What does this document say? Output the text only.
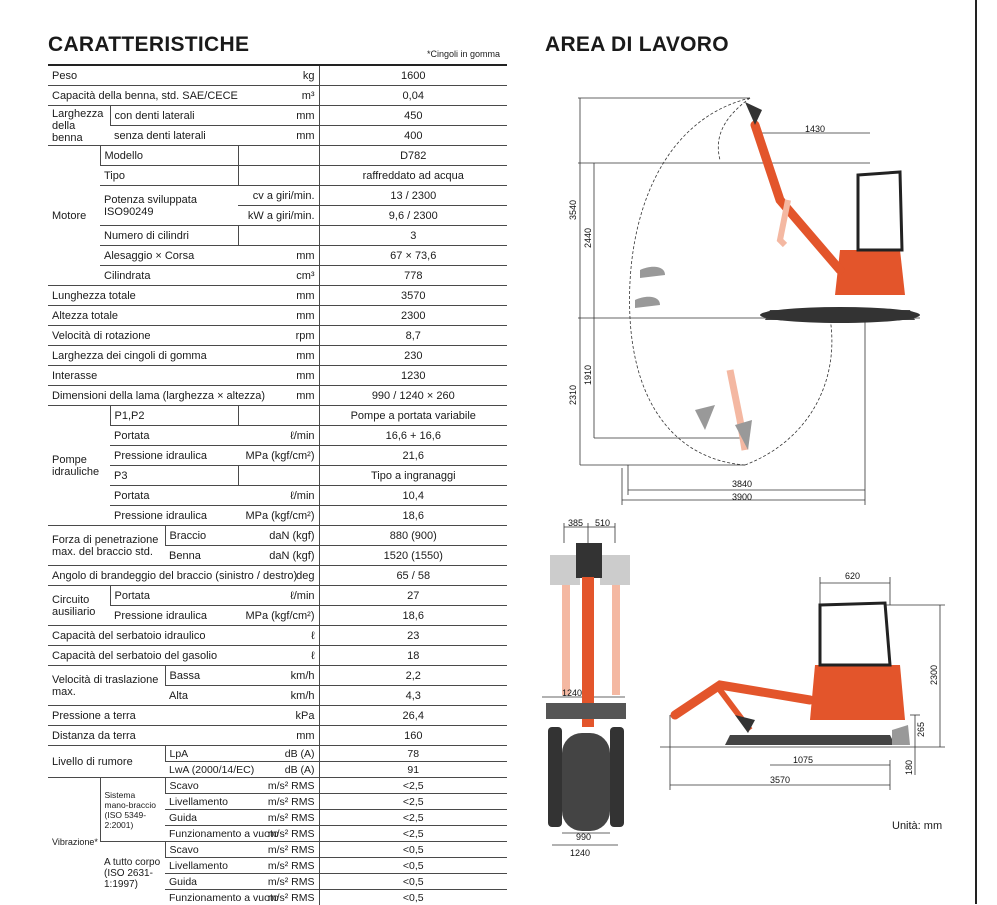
CARATTERISTICHE	*Cingoli in gomma AREA DI LAVORO
Unità: mm
Peso				kg	1600
Capacità della benna, std. SAE/CECE				m³	0,04
Larghezza della benna		con denti laterali		mm	450
		senza denti laterali		mm	400
Motore	Modello				D782
	Tipo				raffreddato ad acqua
	Potenza sviluppata ISO90249			cv a giri/min.	13 / 2300
				kW a giri/min.	9,6 / 2300
	Numero di cilindri				3
	Alesaggio × Corsa			mm	67 × 73,6
	Cilindrata			cm³	778
Lunghezza totale				mm	3570
Altezza totale				mm	2300
Velocità di rotazione				rpm	8,7
Larghezza dei cingoli di gomma				mm	230
Interasse				mm	1230
Dimensioni della lama (larghezza × altezza)				mm	990 / 1240 × 260
Pompe idrauliche		P1,P2			Pompe a portata variabile
		Portata		ℓ/min	16,6 + 16,6
		Pressione idraulica		MPa (kgf/cm²)	21,6
		P3			Tipo a ingranaggi
		Portata		ℓ/min	10,4
		Pressione idraulica		MPa (kgf/cm²)	18,6
Forza di penetrazione max. del braccio std.			Braccio	daN (kgf)	880 (900)
			Benna	daN (kgf)	1520 (1550)
Angolo di brandeggio del braccio (sinistro / destro)				deg	65 / 58
Circuito ausiliario		Portata		ℓ/min	27
		Pressione idraulica		MPa (kgf/cm²)	18,6
Capacità del serbatoio idraulico				ℓ	23
Capacità del serbatoio del gasolio				ℓ	18
Velocità di traslazione max.			Bassa	km/h	2,2
			Alta	km/h	4,3
Pressione a terra				kPa	26,4
Distanza da terra				mm	160
Livello di rumore			LpA	dB (A)	78
			LwA (2000/14/EC)	dB (A)	91
Vibrazione*	Sistema mano-braccio (ISO 5349-2:2001)		Scavo	m/s² RMS	<2,5
			Livellamento	m/s² RMS	<2,5
			Guida	m/s² RMS	<2,5
			Funzionamento a vuoto	m/s² RMS	<2,5
	A tutto corpo (ISO 2631-1:1997)		Scavo	m/s² RMS	<0,5
			Livellamento	m/s² RMS	<0,5
			Guida	m/s² RMS	<0,5
			Funzionamento a vuoto	m/s² RMS	<0,5
1430
3540
2440
2310
1910
3840
3900
385 510
1240
990
1240
620
2300
265
180
1075
3570
